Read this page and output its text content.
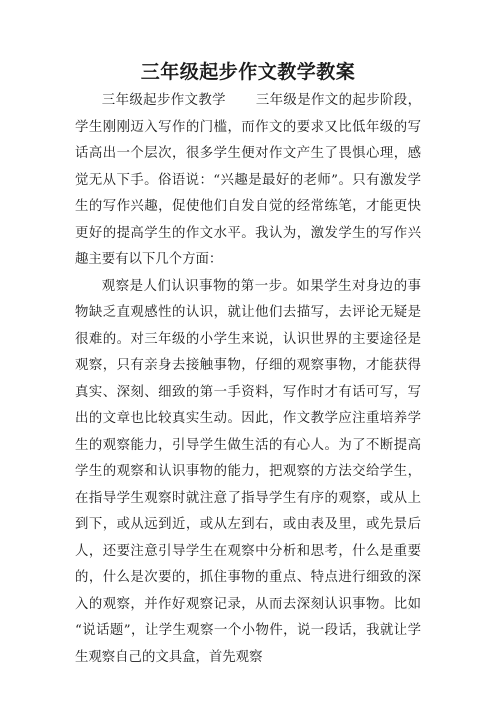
三年级起步作文教学教案

三年级起步作文教学 三年级是作文的起步阶段，学生刚刚迈入写作的门槛，而作文的要求又比低年级的写话高出一个层次，很多学生便对作文产生了畏惧心理，感觉无从下手。俗语说：“兴趣是最好的老师”。只有激发学生的写作兴趣，促使他们自发自觉的经常练笔，才能更快更好的提高学生的作文水平。我认为，激发学生的写作兴趣主要有以下几个方面：

观察是人们认识事物的第一步。如果学生对身边的事物缺乏直观感性的认识，就让他们去描写，去评论无疑是很难的。对三年级的小学生来说，认识世界的主要途径是观察，只有亲身去接触事物，仔细的观察事物，才能获得真实、深刻、细致的第一手资料，写作时才有话可写，写出的文章也比较真实生动。因此，作文教学应注重培养学生的观察能力，引导学生做生活的有心人。为了不断提高学生的观察和认识事物的能力，把观察的方法交给学生，在指导学生观察时就注意了指导学生有序的观察，或从上到下，或从远到近，或从左到右，或由表及里，或先景后人，还要注意引导学生在观察中分析和思考，什么是重要的，什么是次要的，抓住事物的重点、特点进行细致的深入的观察，并作好观察记录，从而去深刻认识事物。比如 “说话题”，让学生观察一个小物件，说一段话，我就让学生观察自己的文具盒，首先观察
